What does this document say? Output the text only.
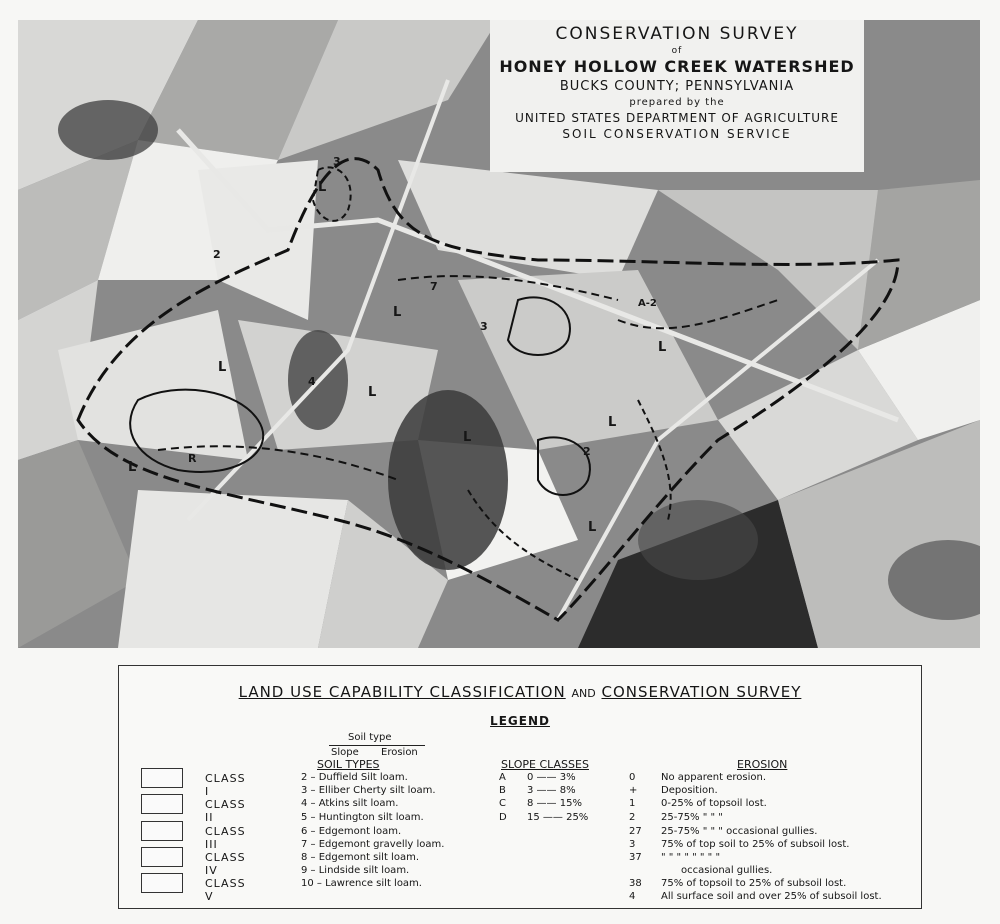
3
L
2
7
L
3
L
R
L
4
L
A-2
L
2
L
L
L
CONSERVATION SURVEY
of
HONEY HOLLOW CREEK WATERSHED
BUCKS COUNTY; PENNSYLVANIA
prepared by the
UNITED STATES DEPARTMENT OF AGRICULTURE
SOIL CONSERVATION SERVICE
LAND USE CAPABILITY CLASSIFICATION AND CONSERVATION SURVEY
LEGEND
Soil type
Slope Erosion
CLASS I
CLASS II
CLASS III
CLASS IV
CLASS V
SOIL TYPES
2 – Duffield Silt loam.
3 – Elliber Cherty silt loam.
4 – Atkins silt loam.
5 – Huntington silt loam.
6 – Edgemont loam.
7 – Edgemont gravelly loam.
8 – Edgemont silt loam.
9 – Lindside silt loam.
10 – Lawrence silt loam.
SLOPE CLASSES
A 0 —— 3%
B 3 —— 8%
C 8 —— 15%
D 15 —— 25%
EROSION
0	No apparent erosion.
+ Deposition.
1	0-25% of topsoil lost.
2	25-75% " " "
27 25-75% " " " occasional gullies.
3	75% of top soil to 25% of subsoil lost.
37 " " " " " " " "
occasional gullies.
38 75% of topsoil to 25% of subsoil lost.
4	All surface soil and over 25% of subsoil lost.
